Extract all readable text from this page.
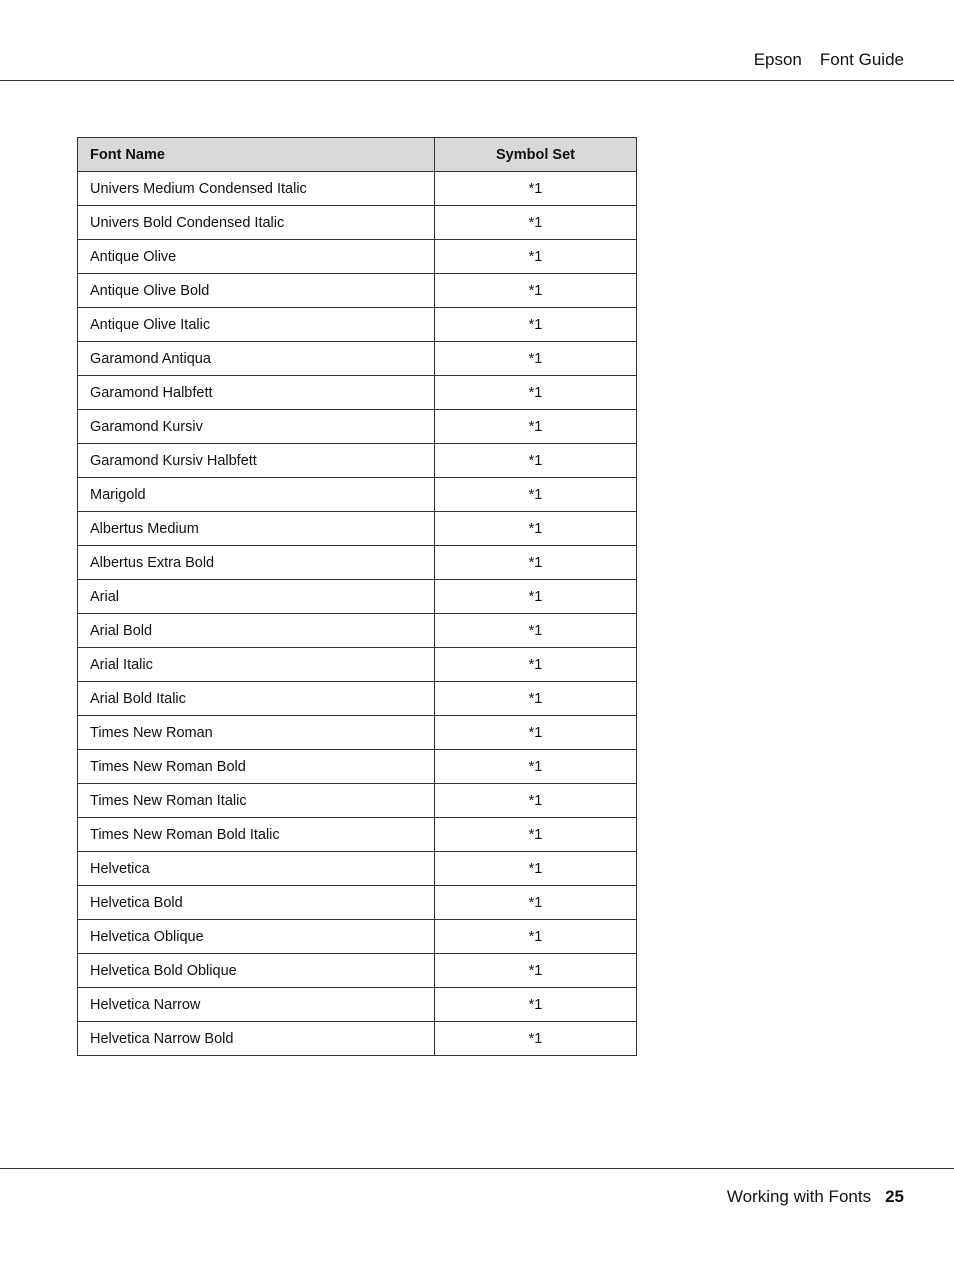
Epson Font Guide
Font Name	Symbol Set
Univers Medium Condensed Italic	*1
Univers Bold Condensed Italic	*1
Antique Olive	*1
Antique Olive Bold	*1
Antique Olive Italic	*1
Garamond Antiqua	*1
Garamond Halbfett	*1
Garamond Kursiv	*1
Garamond Kursiv Halbfett	*1
Marigold	*1
Albertus Medium	*1
Albertus Extra Bold	*1
Arial	*1
Arial Bold	*1
Arial Italic	*1
Arial Bold Italic	*1
Times New Roman	*1
Times New Roman Bold	*1
Times New Roman Italic	*1
Times New Roman Bold Italic	*1
Helvetica	*1
Helvetica Bold	*1
Helvetica Oblique	*1
Helvetica Bold Oblique	*1
Helvetica Narrow	*1
Helvetica Narrow Bold	*1
Working with Fonts 25
